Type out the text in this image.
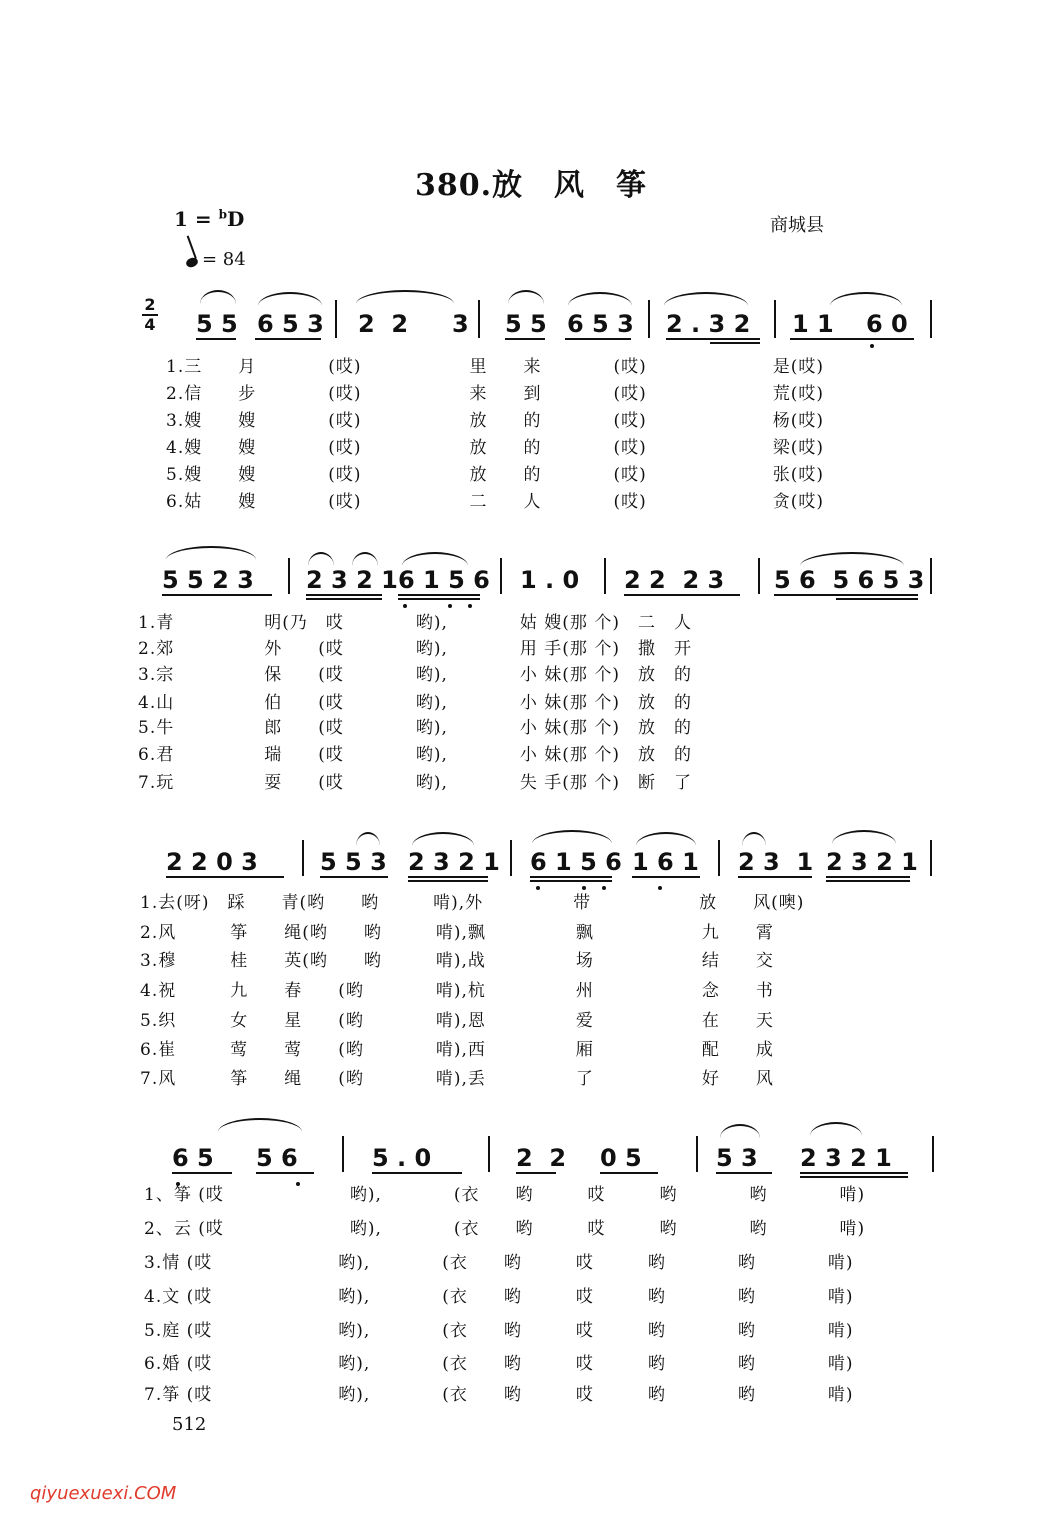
380.放　风　筝
1 = $^b$D	商城县
= 84
2
4 5 5 6 5 3 2  2 3 5 5 6 5 3 2 . 3 2 1 1 6 0
1.三　　月　　　　(哎)　　　　　　里　　来　　　　(哎)　　　　　　　是(哎)
2.信　　步　　　　(哎)　　　　　　来　　到　　　　(哎)　　　　　　　荒(哎)
3.嫂　　嫂　　　　(哎)　　　　　　放　　的　　　　(哎)　　　　　　　杨(哎)
4.嫂　　嫂　　　　(哎)　　　　　　放　　的　　　　(哎)　　　　　　　梁(哎)
5.嫂　　嫂　　　　(哎)　　　　　　放　　的　　　　(哎)　　　　　　　张(哎)
6.姑　　嫂　　　　(哎)　　　　　　二　　人　　　　(哎)　　　　　　　贪(哎)
5 5 2 3 2 3 2 1 6 1 5 6 1 . 0 2 2  2 3 5 6  5 6 5 3
1.青　　　　　明(乃　哎　　　　哟),　　　　姑 嫂(那 个)　二　人
2.郊　　　　　外　　(哎　　　　哟),　　　　用 手(那 个)　撒　开
3.宗　　　　　保　　(哎　　　　哟),　　　　小 妹(那 个)　放　的
4.山　　　　　伯　　(哎　　　　哟),　　　　小 妹(那 个)　放　的
5.牛　　　　　郎　　(哎　　　　哟),　　　　小 妹(那 个)　放　的
6.君　　　　　瑞　　(哎　　　　哟),　　　　小 妹(那 个)　放　的
7.玩　　　　　耍　　(哎　　　　哟),　　　　失 手(那 个)　断　了
2 2 0 3	5 5 3 2 3 2 1 6 1 5 6 1 6 1 2 3  1 2 3 2 1
1.去(呀)　踩　　青(哟　　哟　　　啃),外　　　　　带　　　　　　放　　风(噢)
2.风　　　筝　　绳(哟　　哟　　　啃),飘　　　　　飘　　　　　　九　　霄
3.穆　　　桂　　英(哟　　哟　　　啃),战　　　　　场　　　　　　结　　交
4.祝　　　九　　春　　(哟　　　　啃),杭　　　　　州　　　　　　念　　书
5.织　　　女　　星　　(哟　　　　啃),恩　　　　　爱　　　　　　在　　天
6.崔　　　莺　　莺　　(哟　　　　啃),西　　　　　厢　　　　　　配　　成
7.风　　　筝　　绳　　(哟　　　　啃),丢　　　　　了　　　　　　好　　风
6 5 5 6	5 . 0	2  2 0 5	5 3 2 3 2 1
1、筝 (哎　　　　　　　哟),　　　　(衣　　哟　　　哎　　　哟　　　　哟　　　　啃)
2、云 (哎　　　　　　　哟),　　　　(衣　　哟　　　哎　　　哟　　　　哟　　　　啃)
3.情 (哎　　　　　　　哟),　　　　(衣　　哟　　　哎　　　哟　　　　哟　　　　啃)
4.文 (哎　　　　　　　哟),　　　　(衣　　哟　　　哎　　　哟　　　　哟　　　　啃)
5.庭 (哎　　　　　　　哟),　　　　(衣　　哟　　　哎　　　哟　　　　哟　　　　啃)
6.婚 (哎　　　　　　　哟),　　　　(衣　　哟　　　哎　　　哟　　　　哟　　　　啃)
7.筝 (哎　　　　　　　哟),　　　　(衣　　哟　　　哎　　　哟　　　　哟　　　　啃)
512
qiyuexuexi.COM
